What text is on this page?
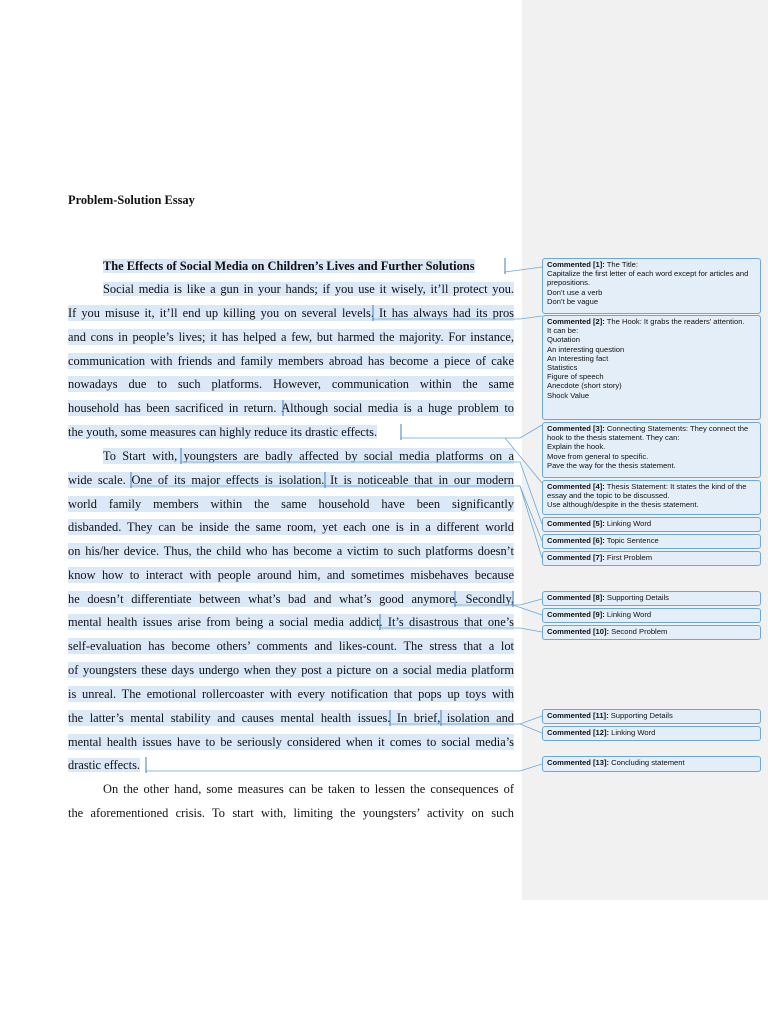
Problem-Solution Essay
The Effects of Social Media on Children’s Lives and Further Solutions
Social media is like a gun in your hands; if you use it wisely, it’ll protect you.
If you misuse it, it’ll end up killing you on several levels. It has always had its pros
and cons in people’s lives; it has helped a few, but harmed the majority. For instance,
communication with friends and family members abroad has become a piece of cake
nowadays due to such platforms. However, communication within the same
household has been sacrificed in return. Although social media is a huge problem to
the youth, some measures can highly reduce its drastic effects.
To Start with, youngsters are badly affected by social media platforms on a
wide scale. One of its major effects is isolation. It is noticeable that in our modern
world family members within the same household have been significantly
disbanded. They can be inside the same room, yet each one is in a different world
on his/her device. Thus, the child who has become a victim to such platforms doesn’t
know how to interact with people around him, and sometimes misbehaves because
he doesn’t differentiate between what’s bad and what’s good anymore. Secondly,
mental health issues arise from being a social media addict. It’s disastrous that one’s
self-evaluation has become others’ comments and likes-count. The stress that a lot
of youngsters these days undergo when they post a picture on a social media platform
is unreal. The emotional rollercoaster with every notification that pops up toys with
the latter’s mental stability and causes mental health issues. In brief, isolation and
mental health issues have to be seriously considered when it comes to social media’s
drastic effects.
On the other hand, some measures can be taken to lessen the consequences of
the aforementioned crisis. To start with, limiting the youngsters’ activity on such
Commented [1]: The Title:
Capitalize the first letter of each word except for articles and prepositions.
Don’t use a verb
Don’t be vague
Commented [2]: The Hook: It grabs the readers’ attention.
It can be:
Quotation
An interesting question
An Interesting fact
Statistics
Figure of speech
Anecdote (short story)
Shock Value
Commented [3]: Connecting Statements: They connect the hook to the thesis statement. They can:
Explain the hook.
Move from general to specific.
Pave the way for the thesis statement.
Commented [4]: Thesis Statement: It states the kind of the essay and the topic to be discussed.
Use although/despite in the thesis statement.
Commented [5]: Linking Word
Commented [6]: Topic Sentence
Commented [7]: First Problem
Commented [8]: Supporting Details
Commented [9]: Linking Word
Commented [10]: Second Problem
Commented [11]: Supporting Details
Commented [12]: Linking Word
Commented [13]: Concluding statement
